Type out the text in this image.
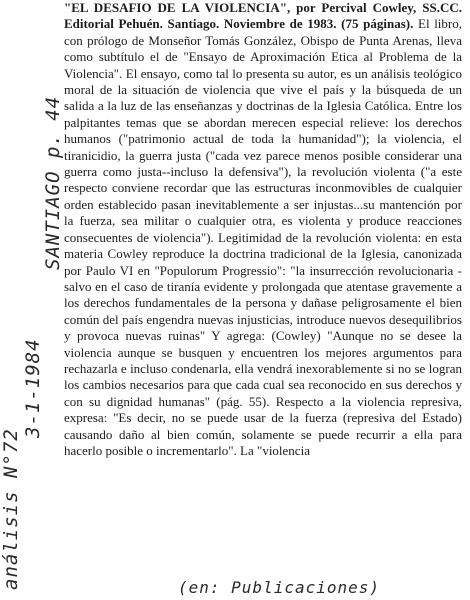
análisis N°72
3-1-1984
SANTIAGO p. 44

"EL DESAFIO DE LA VIOLENCIA", por Percival Cowley, SS.CC. Editorial Pehuén. Santiago. Noviembre de 1983. (75 páginas). El libro, con prólogo de Monseñor Tomás González, Obispo de Punta Arenas, lleva como subtítulo el de "Ensayo de Aproximación Etica al Problema de la Violencia". El ensayo, como tal lo presenta su autor, es un análisis teológico moral de la situación de violencia que vive el país y la búsqueda de un salida a la luz de las enseñanzas y doctrinas de la Iglesia Católica. Entre los palpitantes temas que se abordan merecen especial relieve: los derechos humanos ("patrimonio actual de toda la humanidad"); la violencia, el tiranicidio, la guerra justa ("cada vez parece menos posible considerar una guerra como justa--incluso la defensiva"), la revolución violenta ("a este respecto conviene recordar que las estructuras inconmovibles de cualquier orden establecido pasan inevitablemente a ser injustas...su mantención por la fuerza, sea militar o cualquier otra, es violenta y produce reacciones consecuentes de violencia"). Legitimidad de la revolución violenta: en esta materia Cowley reproduce la doctrina tradicional de la Iglesia, canonizada por Paulo VI en "Populorum Progressio": "la insurrección revolucionaria - salvo en el caso de tiranía evidente y prolongada que atentase gravemente a los derechos fundamentales de la persona y dañase peligrosamente el bien común del país engendra nuevas injusticias, introduce nuevos desequilibrios y provoca nuevas ruinas" Y agrega: (Cowley) "Aunque no se desee la violencia aunque se busquen y encuentren los mejores argumentos para rechazarla e incluso condenarla, ella vendrá inexorablemente si no se logran los cambios necesarios para que cada cual sea reconocido en sus derechos y con su dignidad humanas" (pág. 55). Respecto a la violencia represiva, expresa: "Es decir, no se puede usar de la fuerza (represiva del Estado) causando daño al bien común, solamente se puede recurrir a ella para hacerlo posible o incrementarlo". La "violencia

(en: Publicaciones)
